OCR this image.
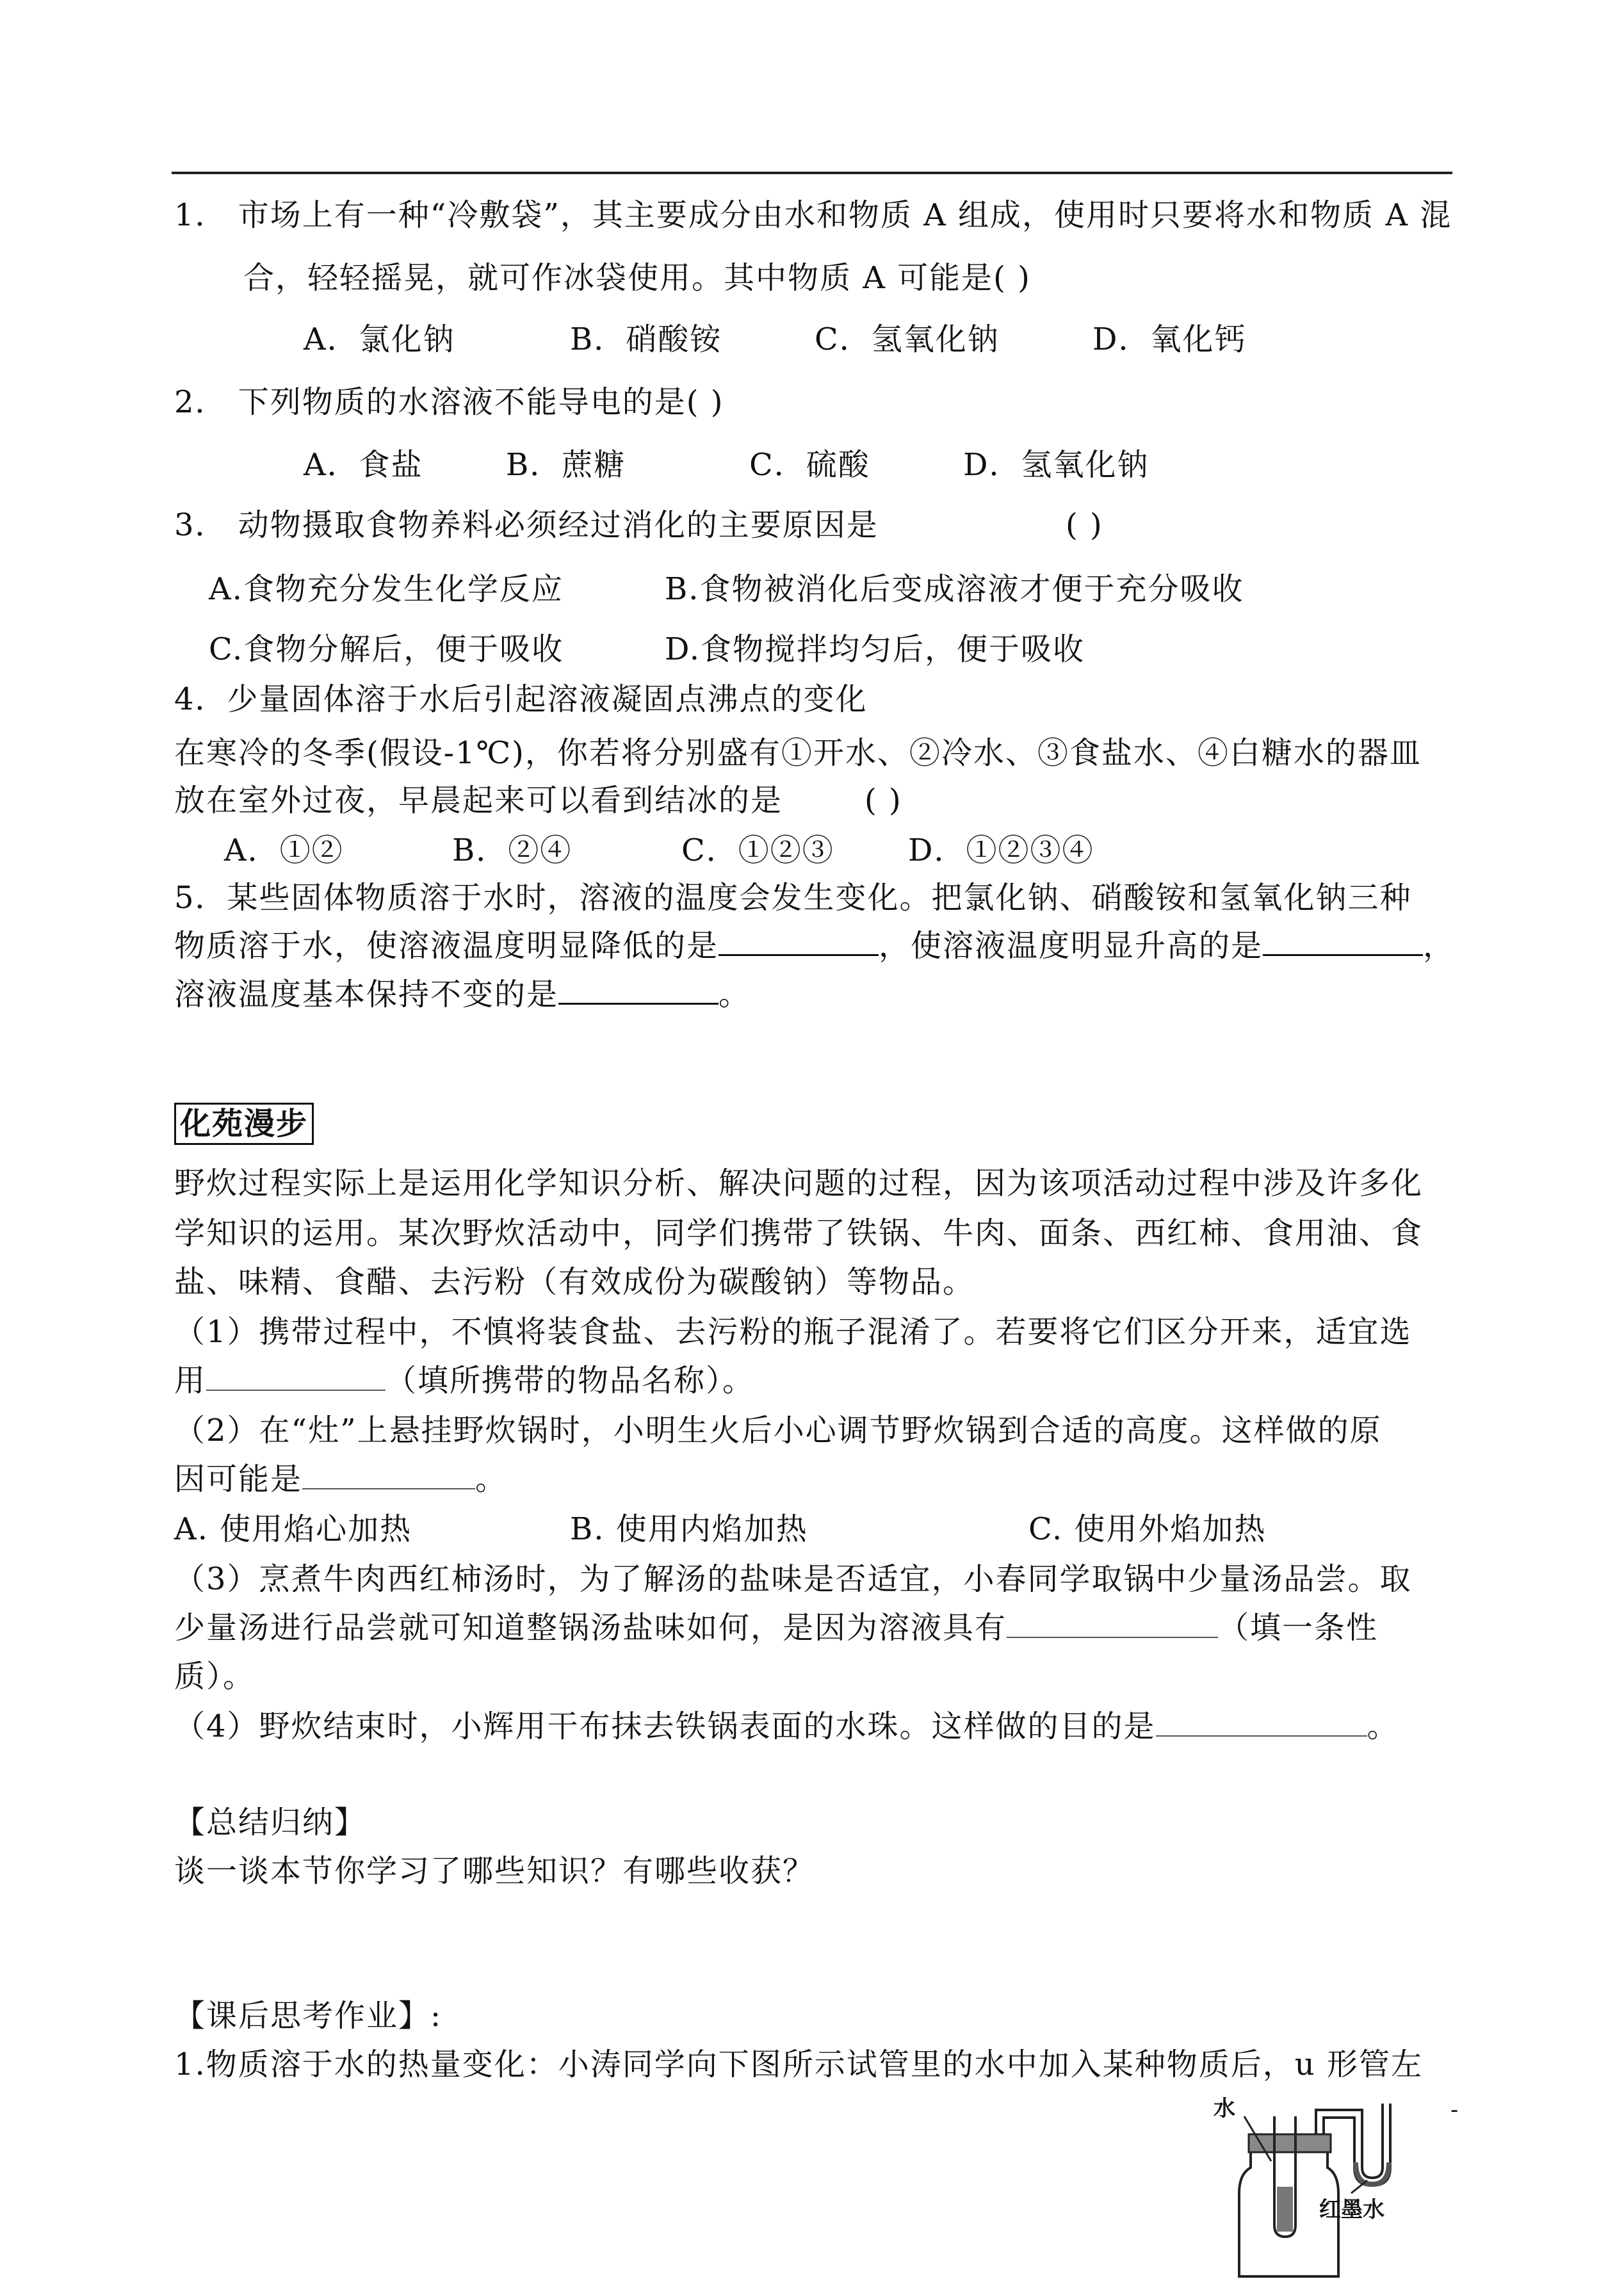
1． 市场上有一种“冷敷袋”，其主要成分由水和物质 A 组成，使用时只要将水和物质 A 混
合，轻轻摇晃，就可作冰袋使用。其中物质 A 可能是( )
A．氯化钠	B．硝酸铵	C．氢氧化钠	D．氧化钙
2． 下列物质的水溶液不能导电的是( )
A．食盐	B．蔗糖	C．硫酸	D．氢氧化钠
3． 动物摄取食物养料必须经过消化的主要原因是	( )
A.食物充分发生化学反应	B.食物被消化后变成溶液才便于充分吸收
C.食物分解后，便于吸收	D.食物搅拌均匀后，便于吸收
4．少量固体溶于水后引起溶液凝固点沸点的变化
在寒冷的冬季(假设-1℃)，你若将分别盛有①开水、②冷水、③食盐水、④白糖水的器皿
放在室外过夜，早晨起来可以看到结冰的是	( )
A．①②	B．②④	C．①②③ D．①②③④
5．某些固体物质溶于水时，溶液的温度会发生变化。把氯化钠、硝酸铵和氢氧化钠三种
物质溶于水，使溶液温度明显降低的是	，使溶液温度明显升高的是	，
溶液温度基本保持不变的是	。
化苑漫步
野炊过程实际上是运用化学知识分析、解决问题的过程，因为该项活动过程中涉及许多化
学知识的运用。某次野炊活动中，同学们携带了铁锅、牛肉、面条、西红柿、食用油、食
盐、味精、食醋、去污粉（有效成份为碳酸钠）等物品。
（1）携带过程中，不慎将装食盐、去污粉的瓶子混淆了。若要将它们区分开来，适宜选
用	（填所携带的物品名称）。
（2）在“灶”上悬挂野炊锅时，小明生火后小心调节野炊锅到合适的高度。这样做的原
因可能是	。
A. 使用焰心加热	B. 使用内焰加热	C. 使用外焰加热
（3）烹煮牛肉西红柿汤时，为了解汤的盐味是否适宜，小春同学取锅中少量汤品尝。取
少量汤进行品尝就可知道整锅汤盐味如何，是因为溶液具有	（填一条性
质）。
（4）野炊结束时，小辉用干布抹去铁锅表面的水珠。这样做的目的是	。
【总结归纳】
谈一谈本节你学习了哪些知识？有哪些收获？
【课后思考作业】:
1.物质溶于水的热量变化：小涛同学向下图所示试管里的水中加入某种物质后，u 形管左
水
红墨水
-
